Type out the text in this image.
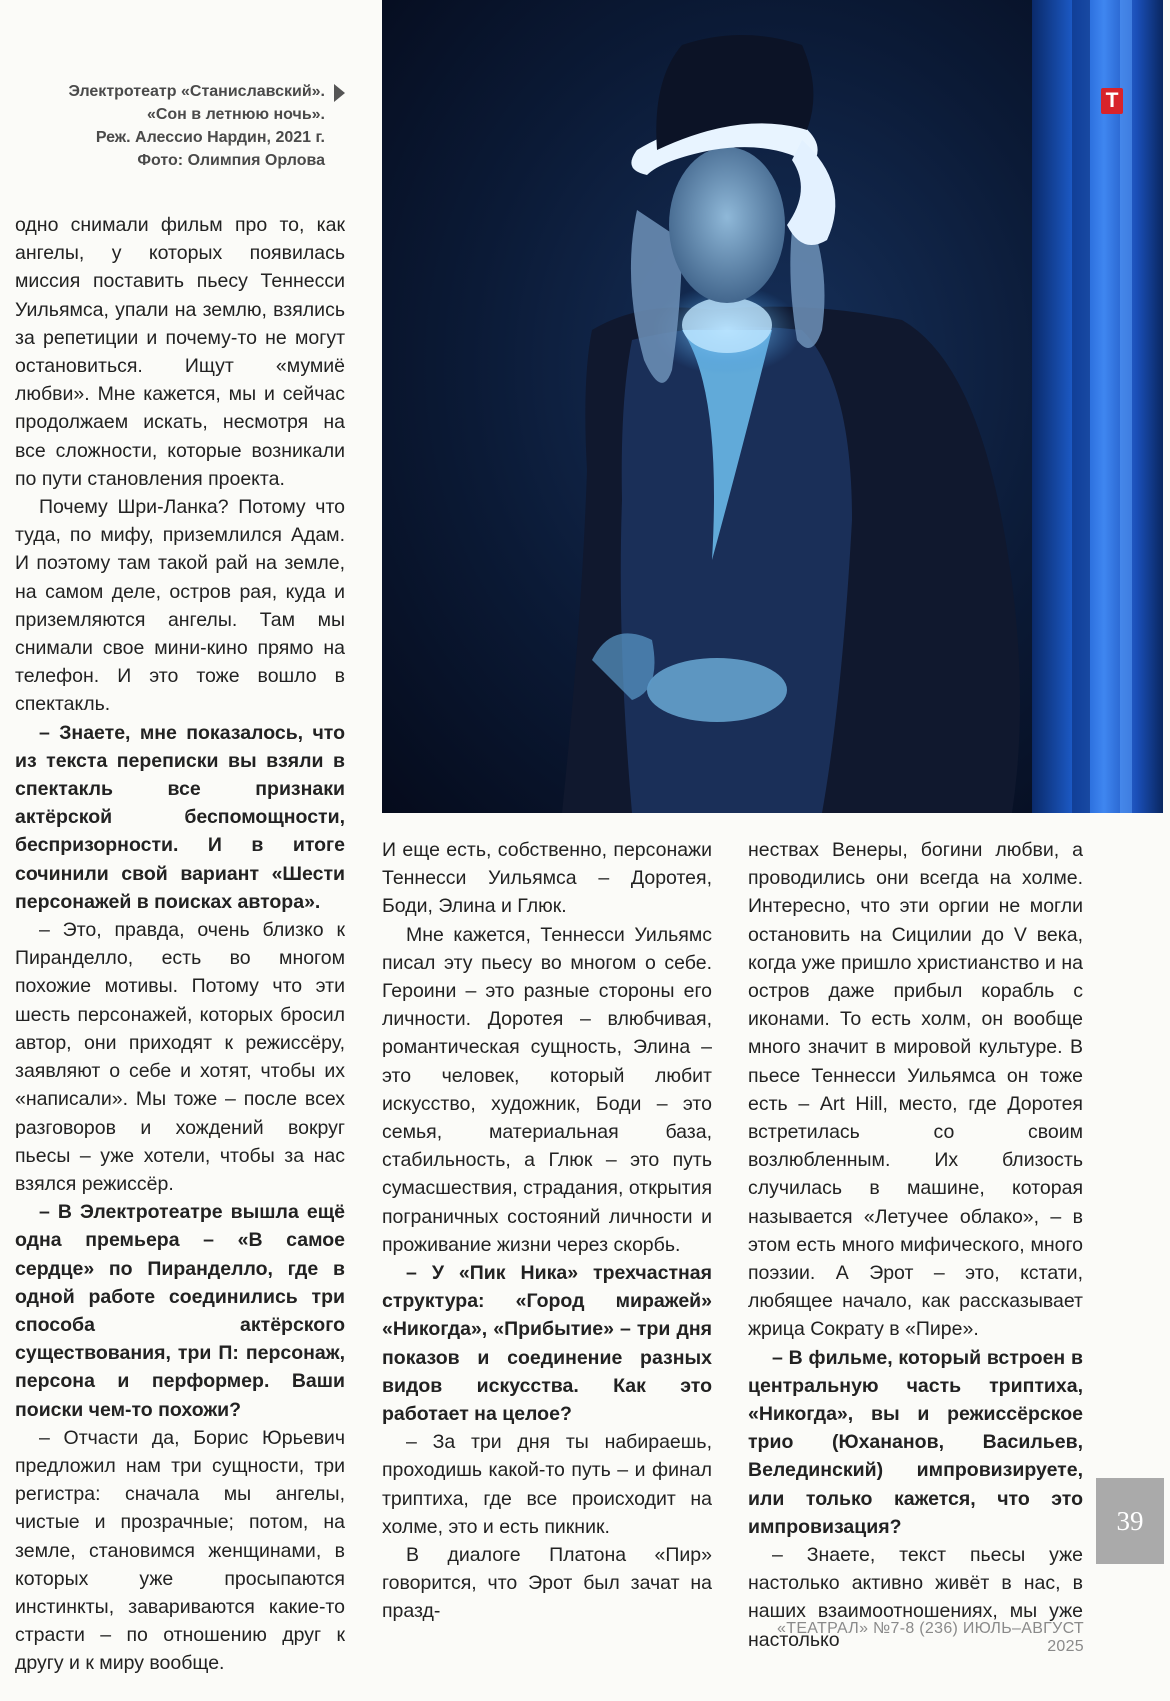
Электротеатр «Станиславский».
«Сон в летнюю ночь».
Реж. Алессио Нардин, 2021 г.
Фото: Олимпия Орлова
Т

одно снимали фильм про то, как ангелы, у которых появилась миссия поставить пьесу Теннесси Уильямса, упали на землю, взялись за репетиции и почему-то не могут остановиться. Ищут «мумиё любви». Мне кажется, мы и сейчас продолжаем искать, несмотря на все сложности, которые возникали по пути становления проекта.

Почему Шри-Ланка? Потому что туда, по мифу, приземлился Адам. И поэтому там такой рай на земле, на самом деле, остров рая, куда и приземляются ангелы. Там мы снимали свое мини-кино прямо на телефон. И это тоже вошло в спектакль.

– Знаете, мне показалось, что из текста переписки вы взяли в спектакль все признаки актёрской беспомощности, беспризорности. И в итоге сочинили свой вариант «Шести персонажей в поисках автора».

– Это, правда, очень близко к Пиранделло, есть во многом похожие мотивы. Потому что эти шесть персонажей, которых бросил автор, они приходят к режиссёру, заявляют о себе и хотят, чтобы их «написали». Мы тоже – после всех разговоров и хождений вокруг пьесы – уже хотели, чтобы за нас взялся режиссёр.

– В Электротеатре вышла ещё одна премьера – «В самое сердце» по Пиранделло, где в одной работе соединились три способа актёрского существования, три П: персонаж, персона и перформер. Ваши поиски чем-то похожи?

– Отчасти да, Борис Юрьевич предложил нам три сущности, три регистра: сначала мы ангелы, чистые и прозрачные; потом, на земле, становимся женщинами, в которых уже просыпаются инстинкты, завариваются какие-то страсти – по отношению друг к другу и к миру вообще.

И еще есть, собственно, персонажи Теннесси Уильямса – Доротея, Боди, Элина и Глюк.

Мне кажется, Теннесси Уильямс писал эту пьесу во многом о себе. Героини – это разные стороны его личности. Доротея – влюбчивая, романтическая сущность, Элина – это человек, который любит искусство, художник, Боди – это семья, материальная база, стабильность, а Глюк – это путь сумасшествия, страдания, открытия пограничных состояний личности и проживание жизни через скорбь.

– У «Пик Ника» трехчастная структура: «Город миражей» «Никогда», «Прибытие» – три дня показов и соединение разных видов искусства. Как это работает на целое?

– За три дня ты набираешь, проходишь какой-то путь – и финал триптиха, где все происходит на холме, это и есть пикник.

В диалоге Платона «Пир» говорится, что Эрот был зачат на празд-

нествах Венеры, богини любви, а проводились они всегда на холме. Интересно, что эти оргии не могли остановить на Сицилии до V века, когда уже пришло христианство и на остров даже прибыл корабль с иконами. То есть холм, он вообще много значит в мировой культуре. В пьесе Теннесси Уильямса он тоже есть – Art Hill, место, где Доротея встретилась со своим возлюбленным. Их близость случилась в машине, которая называется «Летучее облако», – в этом есть много мифического, много поэзии. А Эрот – это, кстати, любящее начало, как рассказывает жрица Сократу в «Пире».

– В фильме, который встроен в центральную часть триптиха, «Никогда», вы и режиссёрское трио (Юхананов, Васильев, Велединский) импровизируете, или только кажется, что это импровизация?

– Знаете, текст пьесы уже настолько активно живёт в нас, в наших взаимоотношениях, мы уже настолько

39
«ТЕАТРАЛ» №7-8 (236) ИЮЛЬ–АВГУСТ 2025
